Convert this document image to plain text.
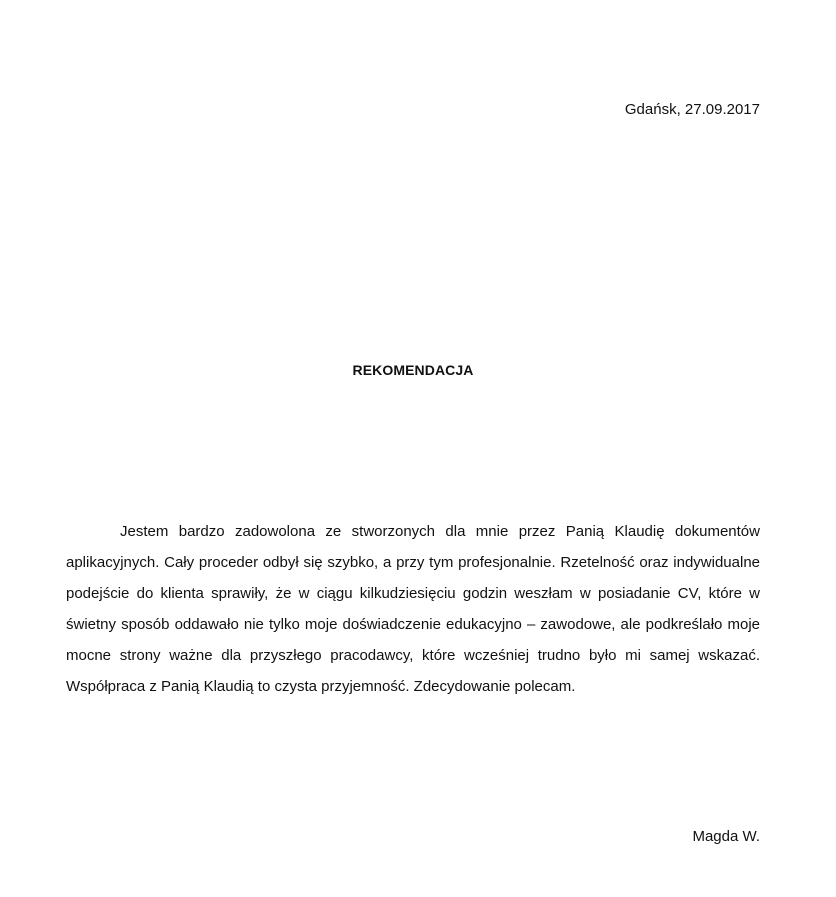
Gdańsk, 27.09.2017
REKOMENDACJA

Jestem bardzo zadowolona ze stworzonych dla mnie przez Panią Klaudię dokumentów aplikacyjnych. Cały proceder odbył się szybko, a przy tym profesjonalnie. Rzetelność oraz indywidualne podejście do klienta sprawiły, że w ciągu kilkudziesięciu godzin weszłam w posiadanie CV, które w świetny sposób oddawało nie tylko moje doświadczenie edukacyjno – zawodowe, ale podkreślało moje mocne strony ważne dla przyszłego pracodawcy, które wcześniej trudno było mi samej wskazać. Współpraca z Panią Klaudią to czysta przyjemność. Zdecydowanie polecam.

Magda W.
